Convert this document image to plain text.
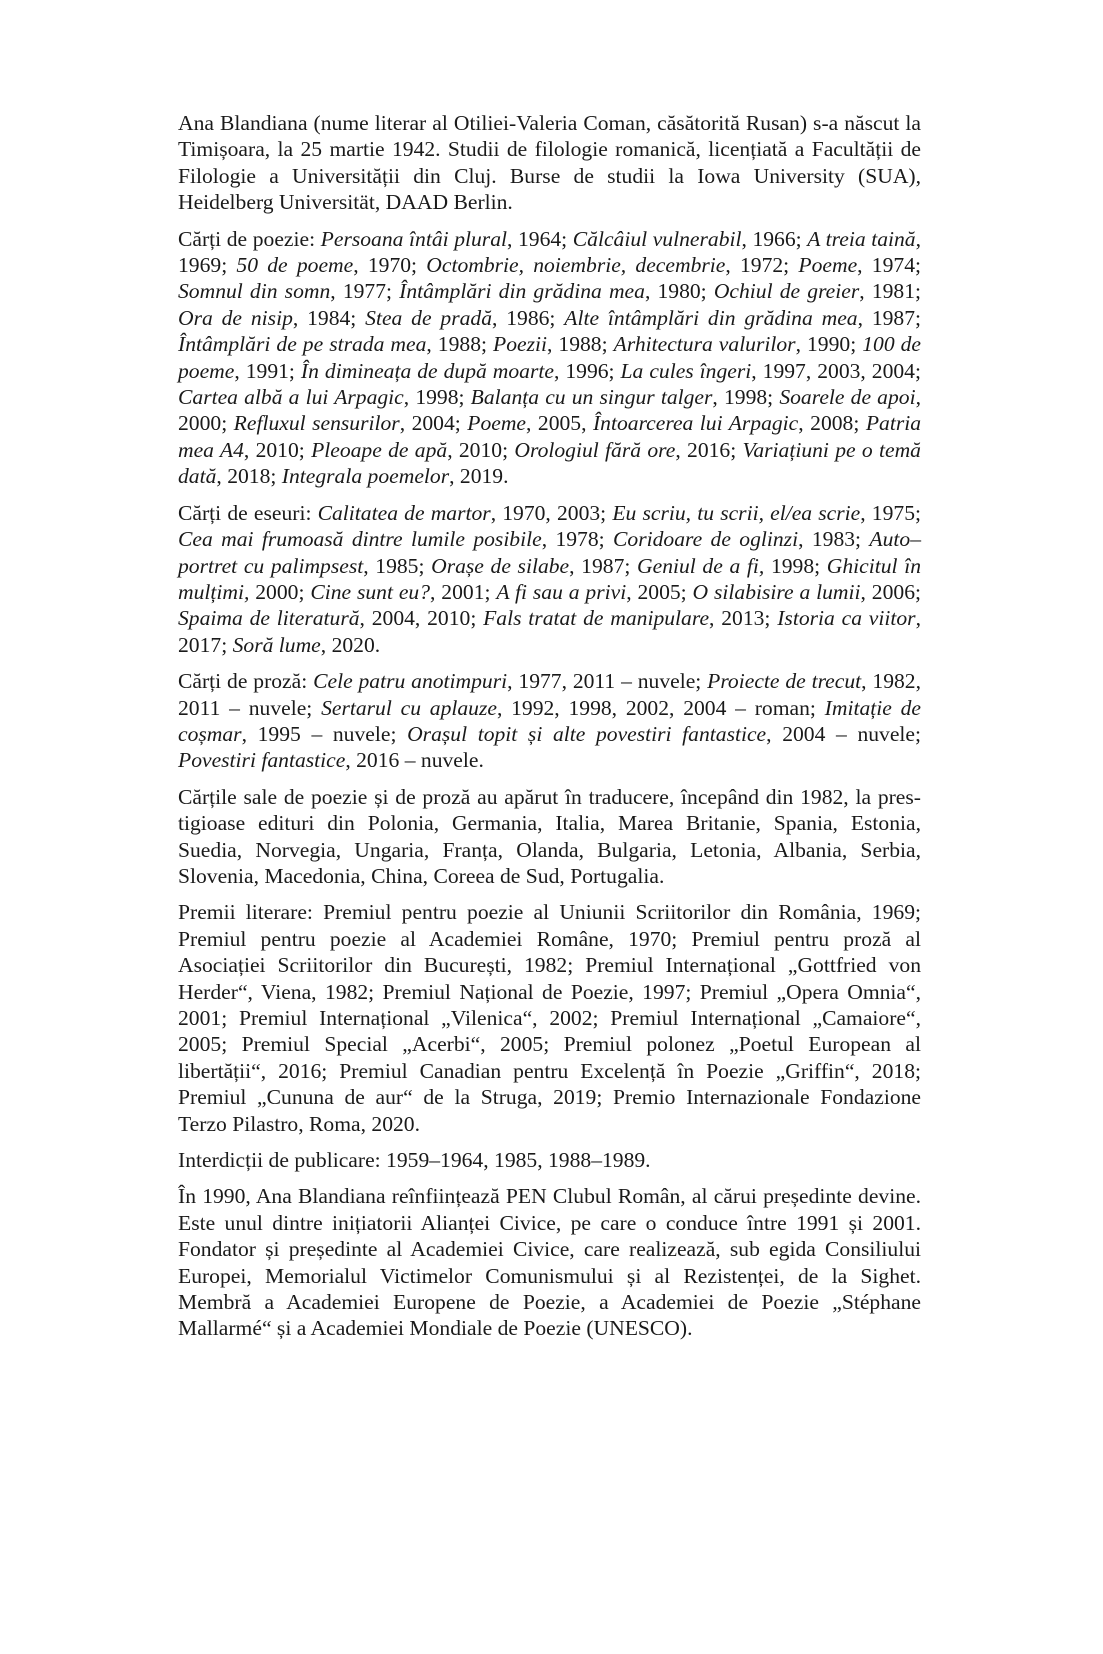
Ana Blandiana (nume literar al Otiliei-Valeria Coman, căsătorită Rusan) s-a născut la Timișoara, la 25 martie 1942. Studii de filologie romanică, licențiată a Facultății de Filologie a Universității din Cluj. Burse de studii la Iowa University (SUA), Heidelberg Universität, DAAD Berlin.

Cărți de poezie: Persoana întâi plural, 1964; Călcâiul vulnerabil, 1966; A treia taină, 1969; 50 de poeme, 1970; Octombrie, noiembrie, decembrie, 1972; Poeme, 1974; Somnul din somn, 1977; Întâmplări din grădina mea, 1980; Ochiul de greier, 1981; Ora de nisip, 1984; Stea de pradă, 1986; Alte întâmplări din grădina mea, 1987; Întâmplări de pe strada mea, 1988; Poezii, 1988; Arhitectura valurilor, 1990; 100 de poeme, 1991; În dimineața de după moarte, 1996; La cules îngeri, 1997, 2003, 2004; Cartea albă a lui Arpagic, 1998; Balanța cu un singur talger, 1998; Soarele de apoi, 2000; Refluxul sensurilor, 2004; Poeme, 2005, Întoarcerea lui Arpagic, 2008; Patria mea A4, 2010; Pleoape de apă, 2010; Orologiul fără ore, 2016; Variațiuni pe o temă dată, 2018; Integrala poemelor, 2019.

Cărți de eseuri: Calitatea de martor, 1970, 2003; Eu scriu, tu scrii, el/ea scrie, 1975; Cea mai frumoasă dintre lumile posibile, 1978; Coridoare de oglinzi, 1983; Auto–portret cu palimpsest, 1985; Orașe de silabe, 1987; Geniul de a fi, 1998; Ghicitul în mulțimi, 2000; Cine sunt eu?, 2001; A fi sau a privi, 2005; O silabisire a lumii, 2006; Spaima de literatură, 2004, 2010; Fals tratat de manipulare, 2013; Istoria ca viitor, 2017; Soră lume, 2020.

Cărți de proză: Cele patru anotimpuri, 1977, 2011 – nuvele; Proiecte de trecut, 1982, 2011 – nuvele; Sertarul cu aplauze, 1992, 1998, 2002, 2004 – roman; Imitație de coșmar, 1995 – nuvele; Orașul topit și alte povestiri fantastice, 2004 – nuvele; Povestiri fantastice, 2016 – nuvele.

Cărțile sale de poezie și de proză au apărut în traducere, începând din 1982, la prestigioase edituri din Polonia, Germania, Italia, Marea Britanie, Spania, Estonia, Suedia, Norvegia, Ungaria, Franța, Olanda, Bulgaria, Letonia, Albania, Serbia, Slovenia, Macedonia, China, Coreea de Sud, Portugalia.

Premii literare: Premiul pentru poezie al Uniunii Scriitorilor din România, 1969; Premiul pentru poezie al Academiei Române, 1970; Premiul pentru proză al Asociației Scriitorilor din București, 1982; Premiul Internațional „Gottfried von Herder“, Viena, 1982; Premiul Național de Poezie, 1997; Premiul „Opera Omnia“, 2001; Premiul Internațional „Vilenica“, 2002; Premiul Internațional „Camaiore“, 2005; Premiul Special „Acerbi“, 2005; Premiul polonez „Poetul European al libertății“, 2016; Premiul Canadian pentru Excelență în Poezie „Griffin“, 2018; Premiul „Cununa de aur“ de la Struga, 2019; Premio Internazionale Fondazione Terzo Pilastro, Roma, 2020.

Interdicții de publicare: 1959–1964, 1985, 1988–1989.

În 1990, Ana Blandiana reînființează PEN Clubul Român, al cărui președinte devine. Este unul dintre inițiatorii Alianței Civice, pe care o conduce între 1991 și 2001. Fondator și președinte al Academiei Civice, care realizează, sub egida Consiliului Europei, Memorialul Victimelor Comunismului și al Rezistenței, de la Sighet. Membră a Academiei Europene de Poezie, a Academiei de Poezie „Stéphane Mallarmé“ și a Academiei Mondiale de Poezie (UNESCO).
